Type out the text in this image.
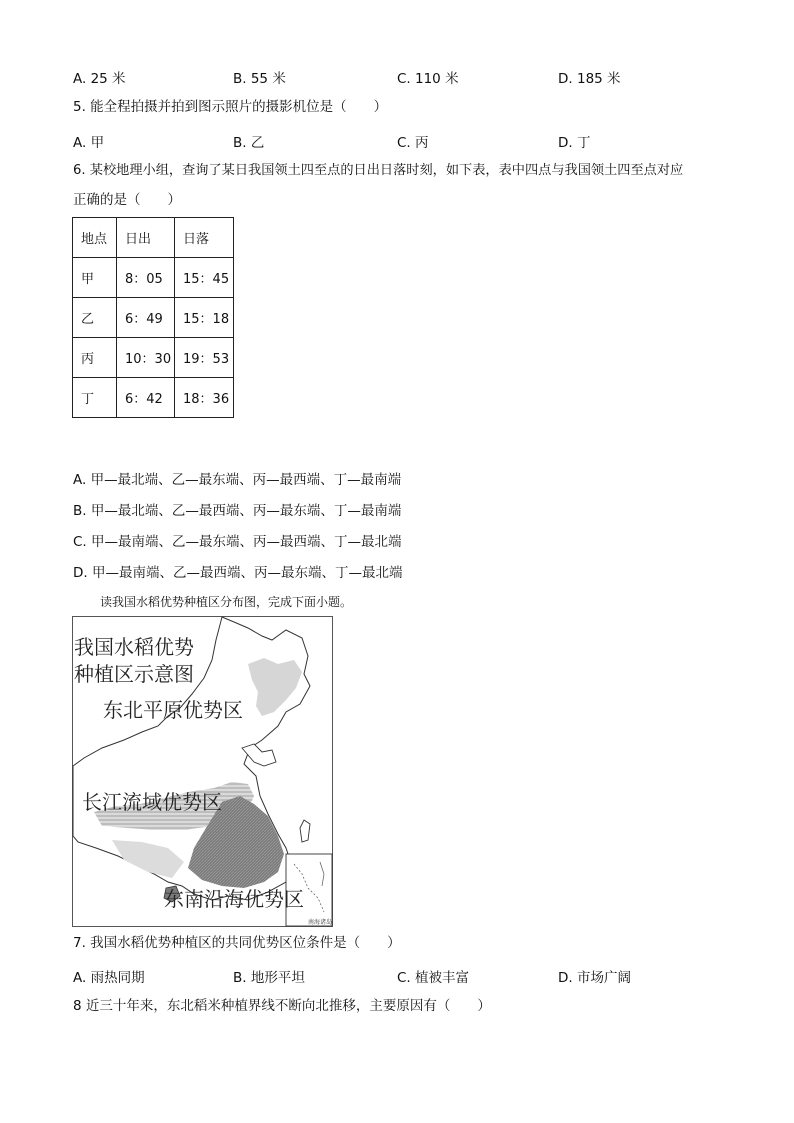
A. 25 米	B. 55 米	C. 110 米	D. 185 米
5. 能全程拍摄并拍到图示照片的摄影机位是（　　）
A. 甲	B. 乙	C. 丙	D. 丁
6. 某校地理小组，查询了某日我国领土四至点的日出日落时刻，如下表，表中四点与我国领土四至点对应
正确的是（　　）
地点	日出	日落
甲	8：05	15：45
乙	6：49	15：18
丙	10：30	19：53
丁	6：42	18：36
A. 甲—最北端、乙—最东端、丙—最西端、丁—最南端
B. 甲—最北端、乙—最西端、丙—最东端、丁—最南端
C. 甲—最南端、乙—最东端、丙—最西端、丁—最北端
D. 甲—最南端、乙—最西端、丙—最东端、丁—最北端
读我国水稻优势种植区分布图，完成下面小题。
我国水稻优势
种植区示意图
东北平原优势区
长江流域优势区
东南沿海优势区
南海诸岛
7. 我国水稻优势种植区的共同优势区位条件是（　　）
A. 雨热同期	B. 地形平坦	C. 植被丰富	D. 市场广阔
8 近三十年来，东北稻米种植界线不断向北推移，主要原因有（　　）
